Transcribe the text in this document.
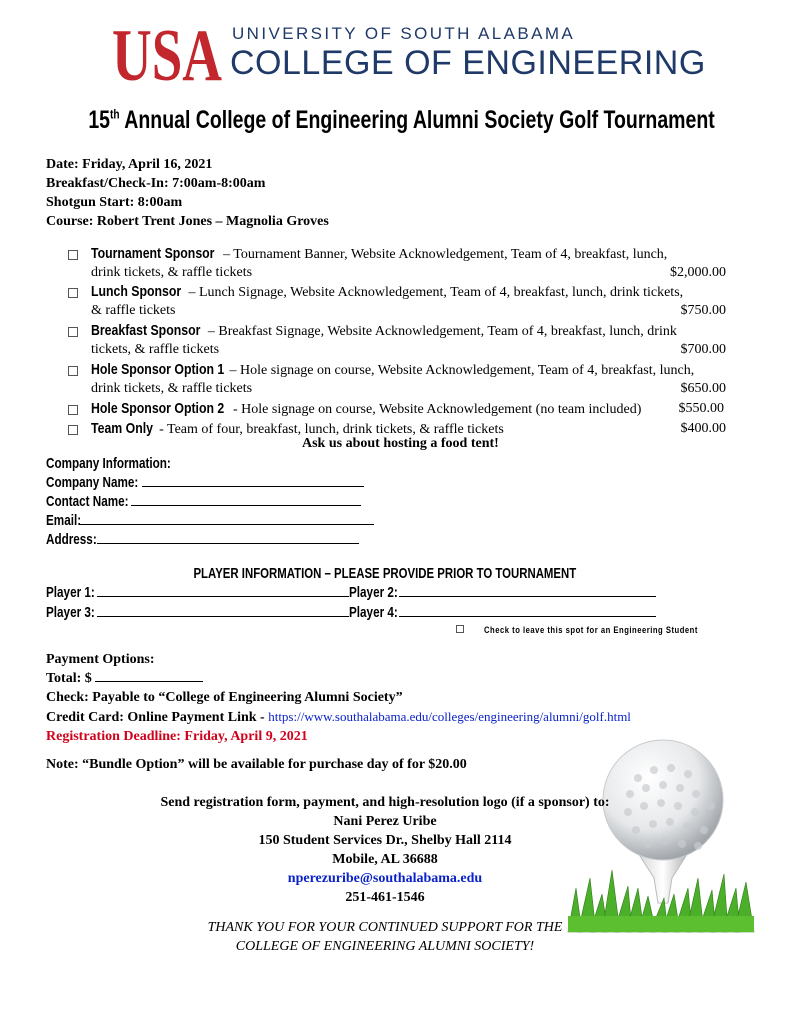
USA UNIVERSITY OF SOUTH ALABAMA
COLLEGE OF ENGINEERING
15th Annual College of Engineering Alumni Society Golf Tournament
Date: Friday, April 16, 2021
Breakfast/Check-In: 7:00am-8:00am
Shotgun Start: 8:00am
Course: Robert Trent Jones – Magnolia Groves
Tournament Sponsor – Tournament Banner, Website Acknowledgement, Team of 4, breakfast, lunch,
drink tickets, & raffle tickets	$2,000.00
Lunch Sponsor – Lunch Signage, Website Acknowledgement, Team of 4, breakfast, lunch, drink tickets,
& raffle tickets	$750.00
Breakfast Sponsor – Breakfast Signage, Website Acknowledgement, Team of 4, breakfast, lunch, drink
tickets, & raffle tickets	$700.00
Hole Sponsor Option 1 – Hole signage on course, Website Acknowledgement, Team of 4, breakfast, lunch,
drink tickets, & raffle tickets	$650.00
Hole Sponsor Option 2 - Hole signage on course, Website Acknowledgement (no team included)	$550.00
Team Only - Team of four, breakfast, lunch, drink tickets, & raffle tickets	$400.00
Ask us about hosting a food tent!
Company Information:
Company Name:
Contact Name:
Email:
Address:
PLAYER INFORMATION – PLEASE PROVIDE PRIOR TO TOURNAMENT
Player 1:	Player 2:
Player 3:	Player 4:
Check to leave this spot for an Engineering Student
Payment Options:
Total: $
Check: Payable to “College of Engineering Alumni Society”
Credit Card: Online Payment Link - https://www.southalabama.edu/colleges/engineering/alumni/golf.html
Registration Deadline: Friday, April 9, 2021
Note: “Bundle Option” will be available for purchase day of for $20.00
Send registration form, payment, and high-resolution logo (if a sponsor) to:
Nani Perez Uribe
150 Student Services Dr., Shelby Hall 2114
Mobile, AL 36688
nperezuribe@southalabama.edu
251-461-1546
THANK YOU FOR YOUR CONTINUED SUPPORT FOR THE
COLLEGE OF ENGINEERING ALUMNI SOCIETY!
